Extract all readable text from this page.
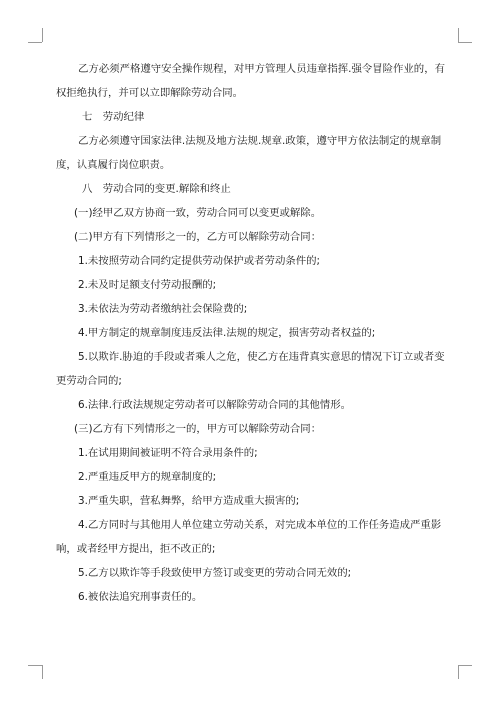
乙方必须严格遵守安全操作规程，对甲方管理人员违章指挥.强令冒险作业的，有
权拒绝执行，并可以立即解除劳动合同。
七　劳动纪律
乙方必须遵守国家法律.法规及地方法规.规章.政策，遵守甲方依法制定的规章制
度，认真履行岗位职责。
八　劳动合同的变更.解除和终止
(一)经甲乙双方协商一致，劳动合同可以变更或解除。
(二)甲方有下列情形之一的，乙方可以解除劳动合同：
1.未按照劳动合同约定提供劳动保护或者劳动条件的;
2.未及时足额支付劳动报酬的;
3.未依法为劳动者缴纳社会保险费的;
4.甲方制定的规章制度违反法律.法规的规定，损害劳动者权益的;
5.以欺诈.胁迫的手段或者乘人之危，使乙方在违背真实意思的情况下订立或者变
更劳动合同的;
6.法律.行政法规规定劳动者可以解除劳动合同的其他情形。
(三)乙方有下列情形之一的，甲方可以解除劳动合同：
1.在试用期间被证明不符合录用条件的;
2.严重违反甲方的规章制度的;
3.严重失职，营私舞弊，给甲方造成重大损害的;
4.乙方同时与其他用人单位建立劳动关系，对完成本单位的工作任务造成严重影
响，或者经甲方提出，拒不改正的;
5.乙方以欺诈等手段致使甲方签订或变更的劳动合同无效的;
6.被依法追究刑事责任的。
